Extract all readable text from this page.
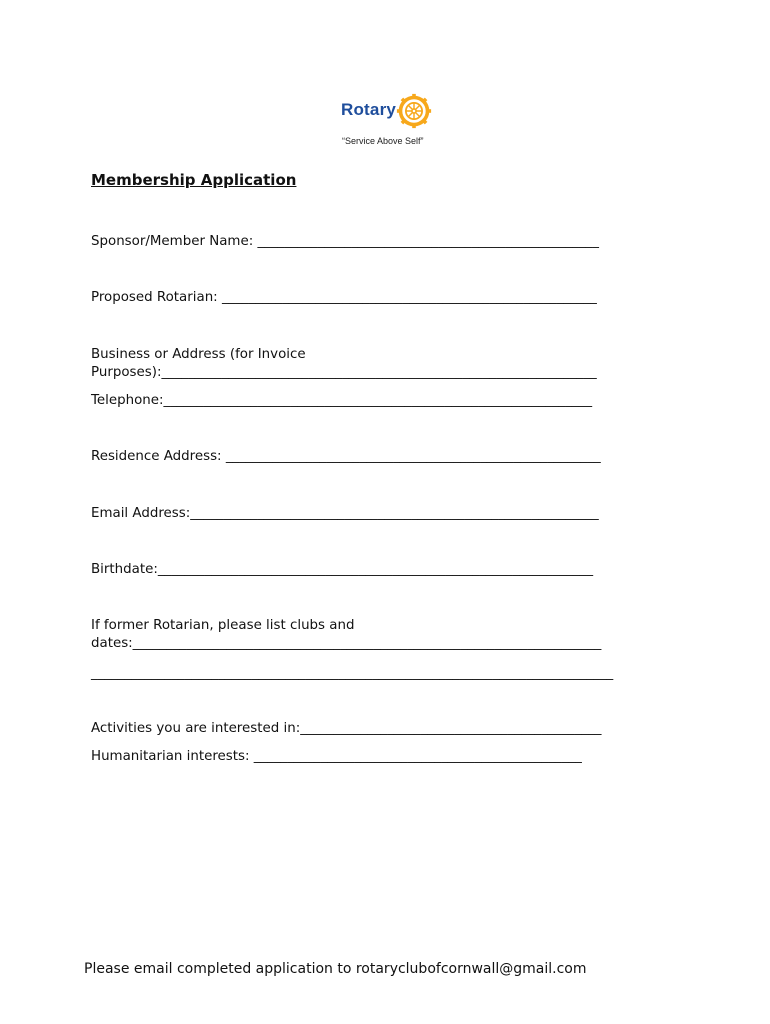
Rotary
“Service Above Self”
Membership Application
Sponsor/Member Name: ___________________________________________________
Proposed Rotarian: ________________________________________________________
Business or Address (for Invoice
Purposes):_________________________________________________________________
Telephone:________________________________________________________________
Residence Address: ________________________________________________________
Email Address:_____________________________________________________________
Birthdate:_________________________________________________________________
If former Rotarian, please list clubs and
dates:______________________________________________________________________
______________________________________________________________________________
Activities you are interested in:_____________________________________________
Humanitarian interests: _________________________________________________
Please email completed application to rotaryclubofcornwall@gmail.com
